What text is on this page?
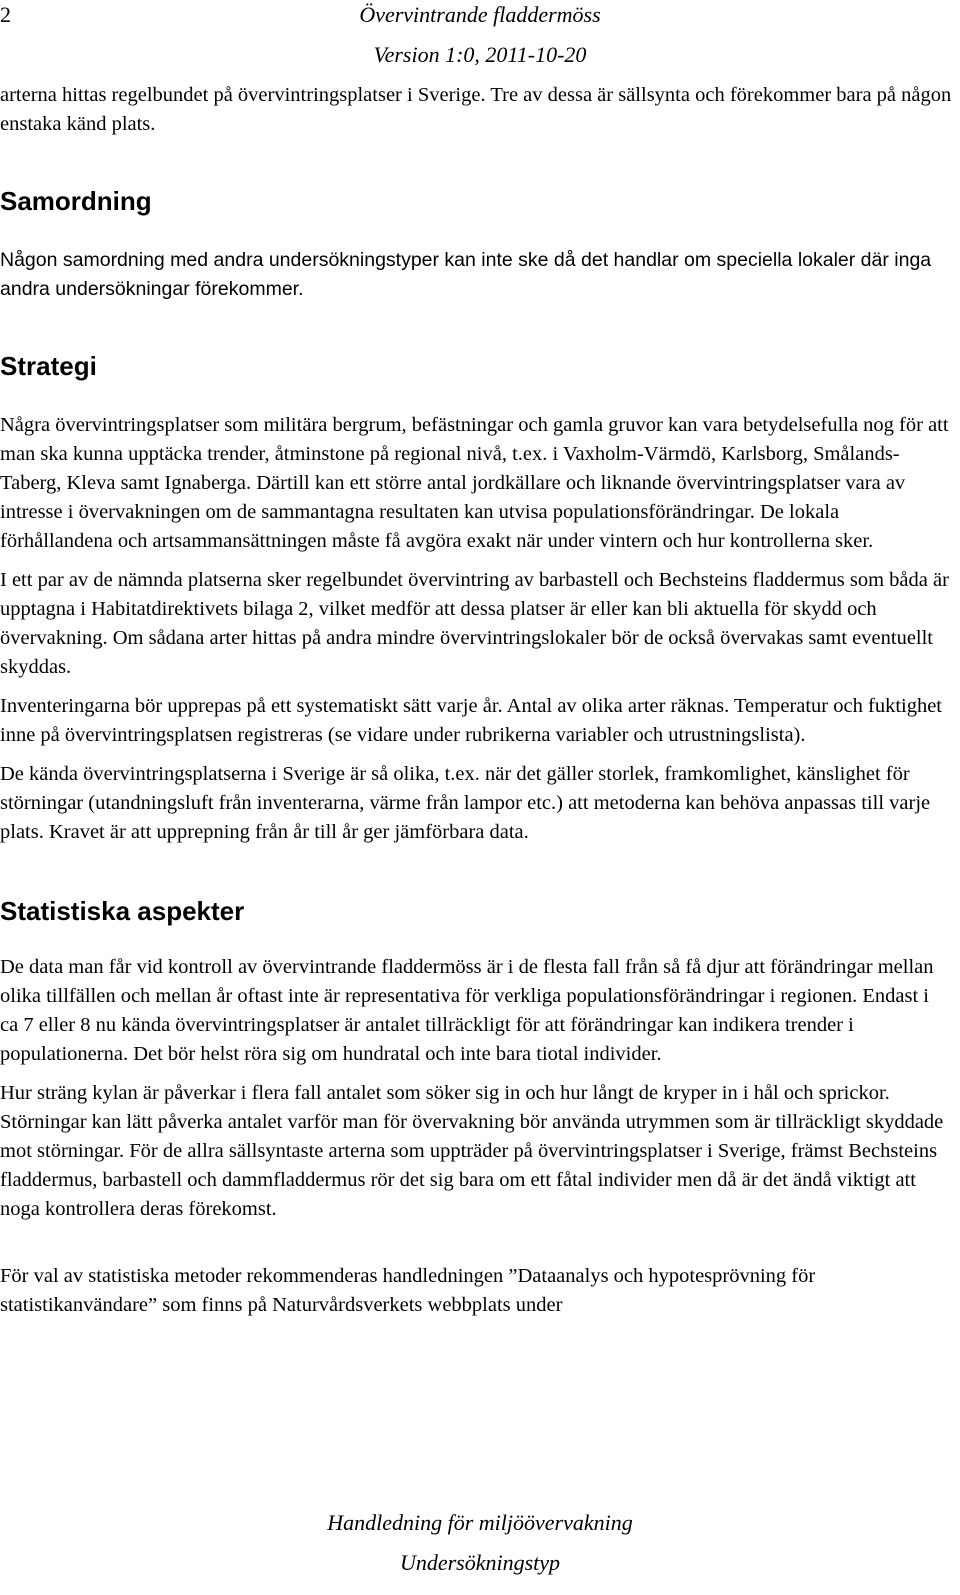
2	Övervintrande fladdermöss
Version 1:0, 2011-10-20

arterna hittas regelbundet på övervintringsplatser i Sverige. Tre av dessa är sällsynta och förekommer bara på någon enstaka känd plats.

Samordning

Någon samordning med andra undersökningstyper kan inte ske då det handlar om speciella lokaler där inga andra undersökningar förekommer.

Strategi

Några övervintringsplatser som militära bergrum, befästningar och gamla gruvor kan vara betydelsefulla nog för att man ska kunna upptäcka trender, åtminstone på regional nivå, t.ex. i Vaxholm-Värmdö, Karlsborg, Smålands-Taberg, Kleva samt Ignaberga. Därtill kan ett större antal jordkällare och liknande övervintringsplatser vara av intresse i övervakningen om de sammantagna resultaten kan utvisa populationsförändringar. De lokala förhållandena och artsammansättningen måste få avgöra exakt när under vintern och hur kontrollerna sker.

I ett par av de nämnda platserna sker regelbundet övervintring av barbastell och Bechsteins fladdermus som båda är upptagna i Habitatdirektivets bilaga 2, vilket medför att dessa platser är eller kan bli aktuella för skydd och övervakning. Om sådana arter hittas på andra mindre övervintringslokaler bör de också övervakas samt eventuellt skyddas.

Inventeringarna bör upprepas på ett systematiskt sätt varje år. Antal av olika arter räknas. Temperatur och fuktighet inne på övervintringsplatsen registreras (se vidare under rubrikerna variabler och utrustningslista).

De kända övervintringsplatserna i Sverige är så olika, t.ex. när det gäller storlek, framkomlighet, känslighet för störningar (utandningsluft från inventerarna, värme från lampor etc.) att metoderna kan behöva anpassas till varje plats. Kravet är att upprepning från år till år ger jämförbara data.

Statistiska aspekter

De data man får vid kontroll av övervintrande fladdermöss är i de flesta fall från så få djur att förändringar mellan olika tillfällen och mellan år oftast inte är representativa för verkliga populationsförändringar i regionen. Endast i ca 7 eller 8 nu kända övervintringsplatser är antalet tillräckligt för att förändringar kan indikera trender i populationerna. Det bör helst röra sig om hundratal och inte bara tiotal individer.

Hur sträng kylan är påverkar i flera fall antalet som söker sig in och hur långt de kryper in i hål och sprickor. Störningar kan lätt påverka antalet varför man för övervakning bör använda utrymmen som är tillräckligt skyddade mot störningar. För de allra sällsyntaste arterna som uppträder på övervintringsplatser i Sverige, främst Bechsteins fladdermus, barbastell och dammfladdermus rör det sig bara om ett fåtal individer men då är det ändå viktigt att noga kontrollera deras förekomst.

För val av statistiska metoder rekommenderas handledningen ”Dataanalys och hypotesprövning för statistikanvändare” som finns på Naturvårdsverkets webbplats under

Handledning för miljöövervakning
Undersökningstyp
